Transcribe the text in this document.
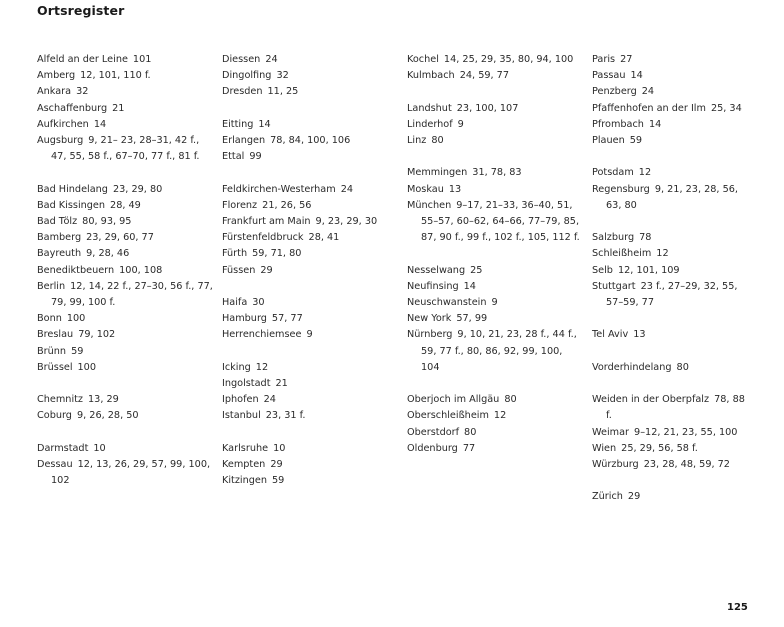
Ortsregister
Alfeld an der Leine 101
Amberg 12, 101, 110 f.
Ankara 32
Aschaffenburg 21
Aufkirchen 14
Augsburg 9, 21– 23, 28–31, 42 f., 47, 55, 58 f., 67–70, 77 f., 81 f.
Bad Hindelang 23, 29, 80
Bad Kissingen 28, 49
Bad Tölz 80, 93, 95
Bamberg 23, 29, 60, 77
Bayreuth 9, 28, 46
Benediktbeuern 100, 108
Berlin 12, 14, 22 f., 27–30, 56 f., 77, 79, 99, 100 f.
Bonn 100
Breslau 79, 102
Brünn 59
Brüssel 100
Chemnitz 13, 29
Coburg 9, 26, 28, 50
Darmstadt 10
Dessau 12, 13, 26, 29, 57, 99, 100, 102
Diessen 24
Dingolfing 32
Dresden 11, 25
Eitting 14
Erlangen 78, 84, 100, 106
Ettal 99
Feldkirchen-Westerham 24
Florenz 21, 26, 56
Frankfurt am Main 9, 23, 29, 30
Fürstenfeldbruck 28, 41
Fürth 59, 71, 80
Füssen 29
Haifa 30
Hamburg 57, 77
Herrenchiemsee 9
Icking 12
Ingolstadt 21
Iphofen 24
Istanbul 23, 31 f.
Karlsruhe 10
Kempten 29
Kitzingen 59
Kochel 14, 25, 29, 35, 80, 94, 100
Kulmbach 24, 59, 77
Landshut 23, 100, 107
Linderhof 9
Linz 80
Memmingen 31, 78, 83
Moskau 13
München 9–17, 21–33, 36–40, 51, 55–57, 60–62, 64–66, 77–79, 85, 87, 90 f., 99 f., 102 f., 105, 112 f.
Nesselwang 25
Neufinsing 14
Neuschwanstein 9
New York 57, 99
Nürnberg 9, 10, 21, 23, 28 f., 44 f., 59, 77 f., 80, 86, 92, 99, 100, 104
Oberjoch im Allgäu 80
Oberschleißheim 12
Oberstdorf 80
Oldenburg 77
Paris 27
Passau 14
Penzberg 24
Pfaffenhofen an der Ilm 25, 34
Pfrombach 14
Plauen 59
Potsdam 12
Regensburg 9, 21, 23, 28, 56, 63, 80
Salzburg 78
Schleißheim 12
Selb 12, 101, 109
Stuttgart 23 f., 27–29, 32, 55, 57–59, 77
Tel Aviv 13
Vorderhindelang 80
Weiden in der Oberpfalz 78, 88 f.
Weimar 9–12, 21, 23, 55, 100
Wien 25, 29, 56, 58 f.
Würzburg 23, 28, 48, 59, 72
Zürich 29
125
